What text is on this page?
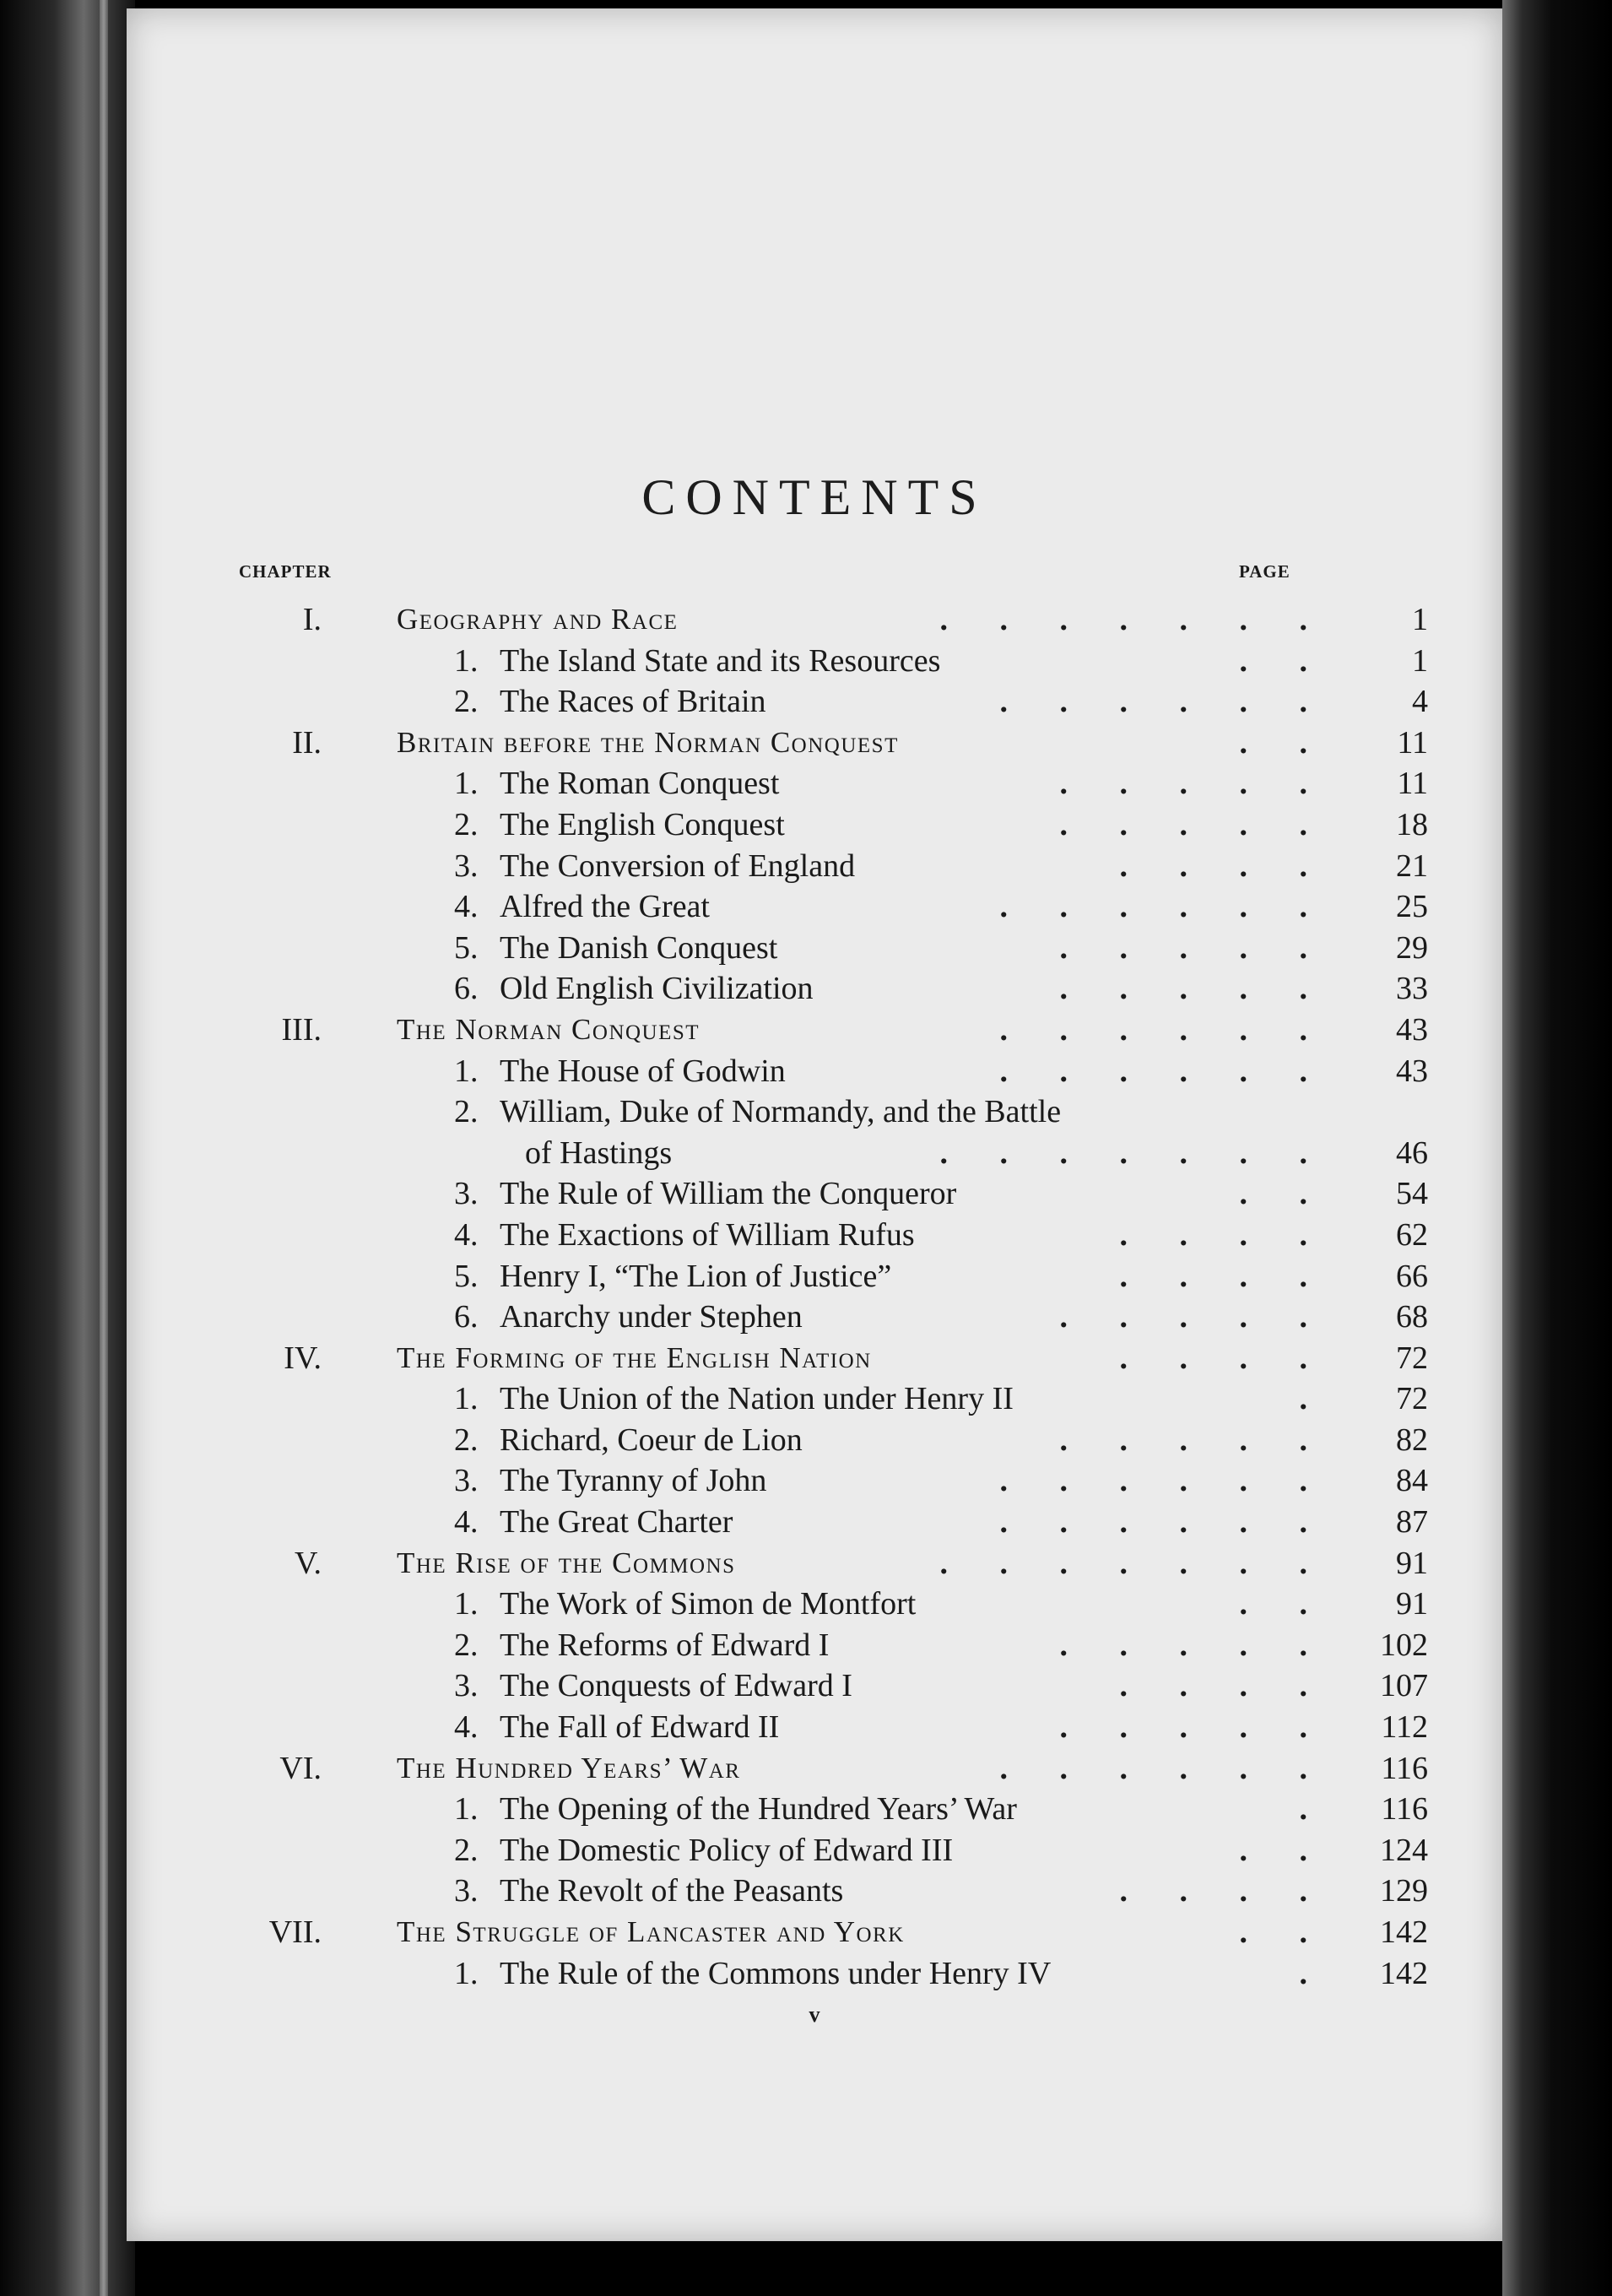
CONTENTS
CHAPTER	PAGE
I.	Geography and Race	. . . . . . .	1
1. The Island State and its Resources	. .	1
2. The Races of Britain	. . . . . .	4
II.	Britain before the Norman Conquest	. . 11
1. The Roman Conquest	. . . . . 11
2. The English Conquest	. . . . . 18
3. The Conversion of England	. . . . 21
4. Alfred the Great	. . . . . . 25
5. The Danish Conquest	. . . . . 29
6. Old English Civilization	. . . . . 33
III.	The Norman Conquest	. . . . . . 43
1. The House of Godwin	. . . . . . 43
2. William, Duke of Normandy, and the Battle
of Hastings	. . . . . . . 46
3. The Rule of William the Conqueror	. . 54
4. The Exactions of William Rufus	. . . . 62
5. Henry I, “The Lion of Justice”	. . . . 66
6. Anarchy under Stephen	. . . . . 68
IV.	The Forming of the English Nation	. . . . 72
1. The Union of the Nation under Henry II	. 72
2. Richard, Coeur de Lion	. . . . . 82
3. The Tyranny of John	. . . . . . 84
4. The Great Charter	. . . . . . 87
V.	The Rise of the Commons	. . . . . . . 91
1. The Work of Simon de Montfort	. . 91
2. The Reforms of Edward I	. . . . . 102
3. The Conquests of Edward I	. . . . 107
4. The Fall of Edward II	. . . . . 112
VI.	The Hundred Years’ War	. . . . . . 116
1. The Opening of the Hundred Years’ War	. 116
2. The Domestic Policy of Edward III	. . 124
3. The Revolt of the Peasants	. . . . 129
VII.	The Struggle of Lancaster and York	. . 142
1. The Rule of the Commons under Henry IV	. 142
v
